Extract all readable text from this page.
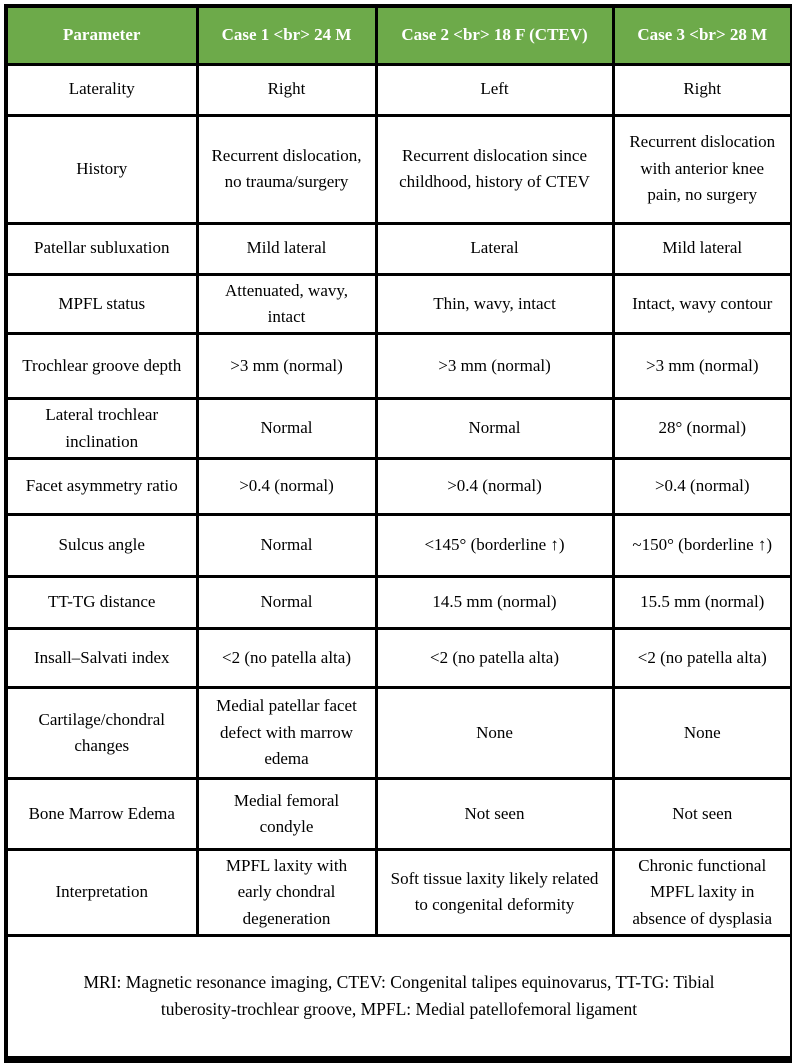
Parameter	Case 1 <br> 24 M	Case 2 <br> 18 F (CTEV)	Case 3 <br> 28 M
Laterality	Right	Left	Right
History	Recurrent dislocation, no trauma/surgery	Recurrent dislocation since childhood, history of CTEV	Recurrent dislocation with anterior knee pain, no surgery
Patellar subluxation	Mild lateral	Lateral	Mild lateral
MPFL status	Attenuated, wavy, intact	Thin, wavy, intact	Intact, wavy contour
Trochlear groove depth	>3 mm (normal)	>3 mm (normal)	>3 mm (normal)
Lateral trochlear inclination	Normal	Normal	28° (normal)
Facet asymmetry ratio	>0.4 (normal)	>0.4 (normal)	>0.4 (normal)
Sulcus angle	Normal	<145° (borderline ↑)	~150° (borderline ↑)
TT-TG distance	Normal	14.5 mm (normal)	15.5 mm (normal)
Insall–Salvati index	<2 (no patella alta)	<2 (no patella alta)	<2 (no patella alta)
Cartilage/chondral changes	Medial patellar facet defect with marrow edema	None	None
Bone Marrow Edema	Medial femoral condyle	Not seen	Not seen
Interpretation	MPFL laxity with early chondral degeneration	Soft tissue laxity likely related to congenital deformity	Chronic functional MPFL laxity in absence of dysplasia
MRI: Magnetic resonance imaging, CTEV: Congenital talipes equinovarus, TT-TG: Tibial tuberosity-trochlear groove, MPFL: Medial patellofemoral ligament			
